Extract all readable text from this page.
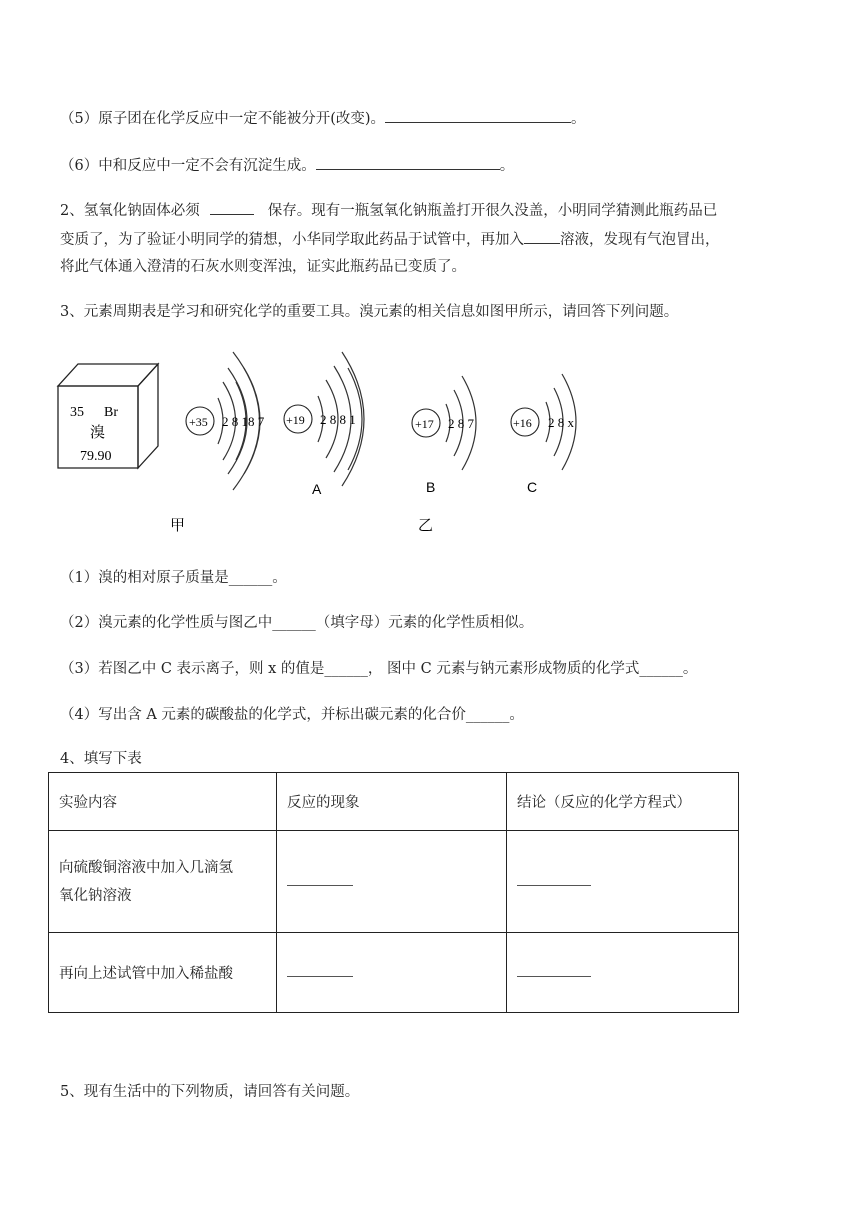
（5）原子团在化学反应中一定不能被分开(改变)。	。
（6）中和反应中一定不会有沉淀生成。	。
2、氢氧化钠固体必须	保存。现有一瓶氢氧化钠瓶盖打开很久没盖，小明同学猜测此瓶药品已
变质了，为了验证小明同学的猜想，小华同学取此药品于试管中，再加入 溶液，发现有气泡冒出，
将此气体通入澄清的石灰水则变浑浊，证实此瓶药品已变质了。
3、元素周期表是学习和研究化学的重要工具。溴元素的相关信息如图甲所示，请回答下列问题。
35 Br
溴
79.90
+35 2 8 18 7 +19 2 8 8 1
A
+17 2 8 7
B
+16 2 8 x
C
甲	乙
（1）溴的相对原子质量是______。
（2）溴元素的化学性质与图乙中______（填字母）元素的化学性质相似。
（3）若图乙中 C 表示离子，则 x 的值是______， 图中 C 元素与钠元素形成物质的化学式______。
（4）写出含 A 元素的碳酸盐的化学式，并标出碳元素的化合价______。
4、填写下表
实验内容	反应的现象	结论（反应的化学方程式）

向硫酸铜溶液中加入几滴氢
氧化钠溶液		

再向上述试管中加入稀盐酸		
5、现有生活中的下列物质，请回答有关问题。
